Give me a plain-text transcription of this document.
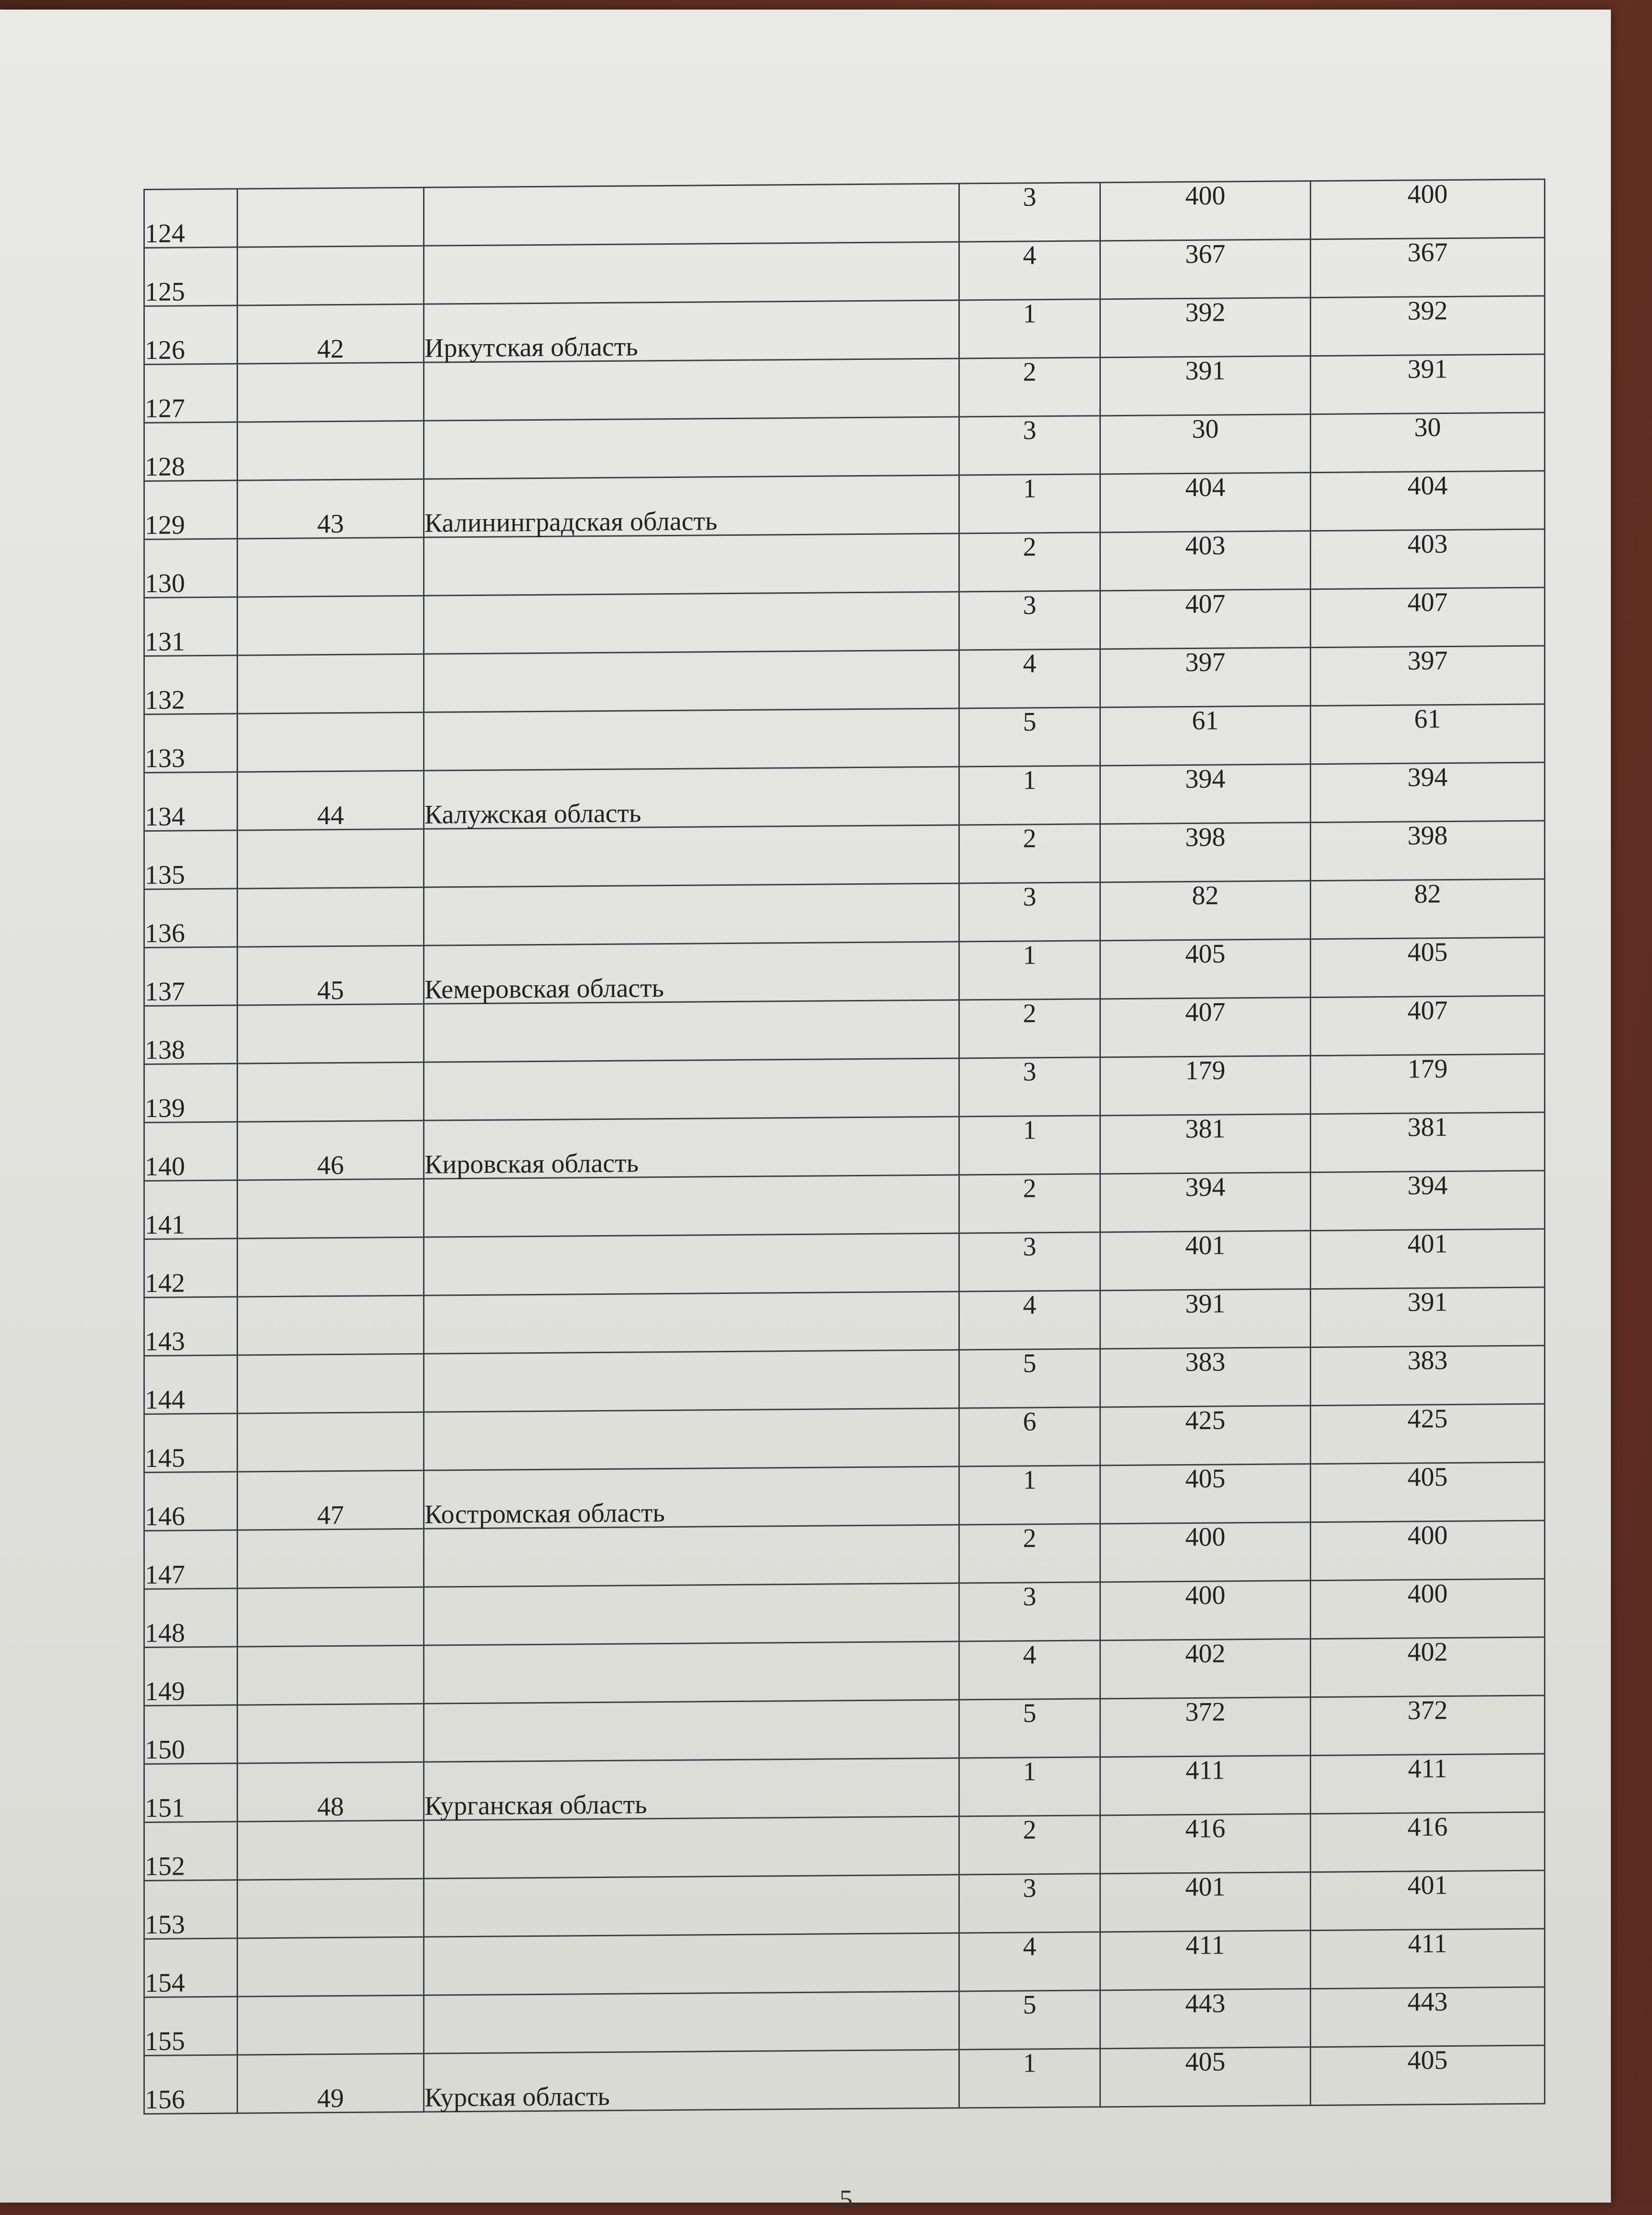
124			3	400	400
125			4	367	367
126	42	Иркутская область	1	392	392
127			2	391	391
128			3	30	30
129	43	Калининградская область	1	404	404
130			2	403	403
131			3	407	407
132			4	397	397
133			5	61	61
134	44	Калужская область	1	394	394
135			2	398	398
136			3	82	82
137	45	Кемеровская область	1	405	405
138			2	407	407
139			3	179	179
140	46	Кировская область	1	381	381
141			2	394	394
142			3	401	401
143			4	391	391
144			5	383	383
145			6	425	425
146	47	Костромская область	1	405	405
147			2	400	400
148			3	400	400
149			4	402	402
150			5	372	372
151	48	Курганская область	1	411	411
152			2	416	416
153			3	401	401
154			4	411	411
155			5	443	443
156	49	Курская область	1	405	405
5
